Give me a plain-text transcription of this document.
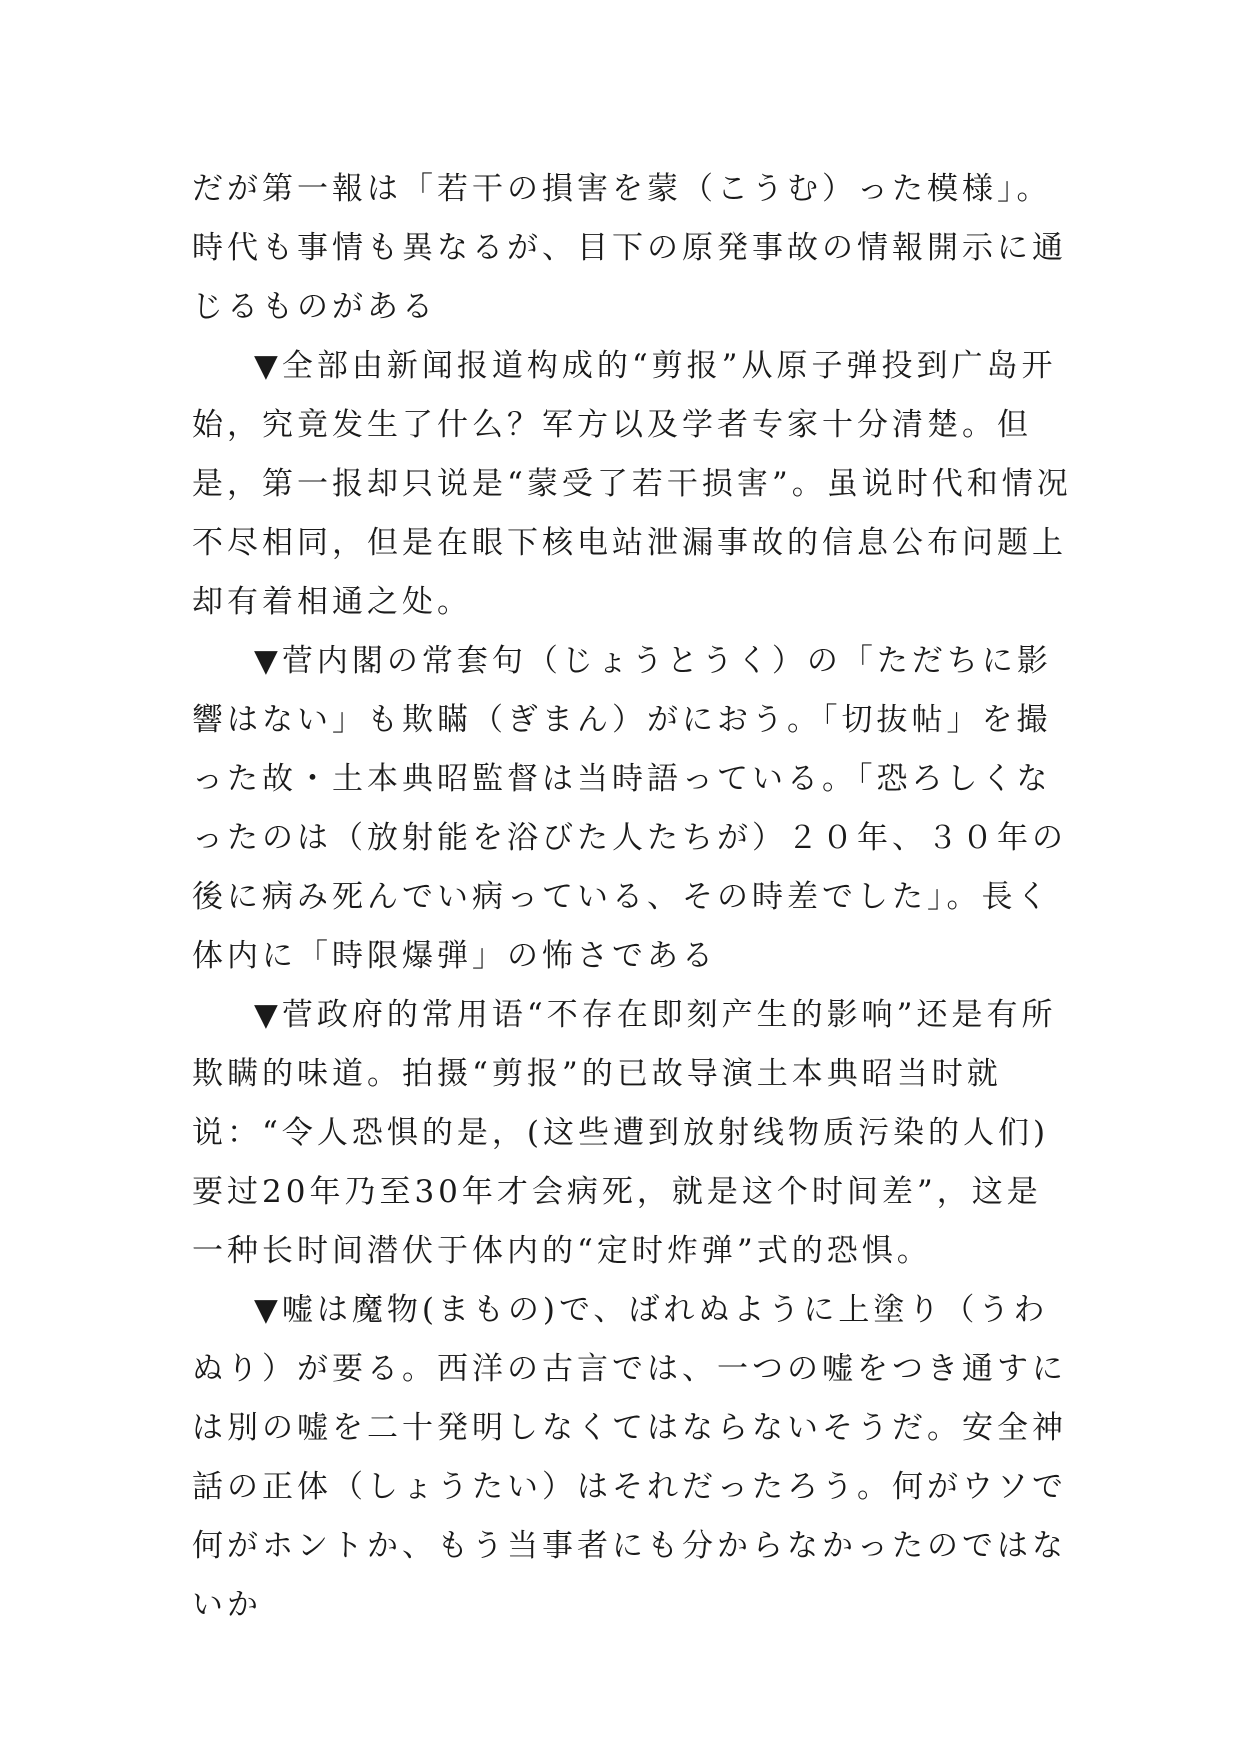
だが第一報は「若干の損害を蒙（こうむ）った模様」。時代も事情も異なるが、目下の原発事故の情報開示に通じるものがある

▼全部由新闻报道构成的“剪报”从原子弹投到广岛开始，究竟发生了什么？军方以及学者专家十分清楚。但是，第一报却只说是“蒙受了若干损害”。虽说时代和情况不尽相同，但是在眼下核电站泄漏事故的信息公布问题上却有着相通之处。

▼菅内閣の常套句（じょうとうく）の「ただちに影響はない」も欺瞞（ぎまん）がにおう。「切抜帖」を撮った故・土本典昭監督は当時語っている。「恐ろしくなったのは（放射能を浴びた人たちが）２０年、３０年の後に病み死んでい病っている、その時差でした」。長く体内に「時限爆弾」の怖さである

▼菅政府的常用语“不存在即刻产生的影响”还是有所欺瞒的味道。拍摄“剪报”的已故导演土本典昭当时就说：“令人恐惧的是，(这些遭到放射线物质污染的人们)要过20年乃至30年才会病死，就是这个时间差”，这是一种长时间潜伏于体内的“定时炸弹”式的恐惧。

▼嘘は魔物(まもの)で、ばれぬように上塗り（うわぬり）が要る。西洋の古言では、一つの嘘をつき通すには別の嘘を二十発明しなくてはならないそうだ。安全神話の正体（しょうたい）はそれだったろう。何がウソで何がホントか、もう当事者にも分からなかったのではないか
